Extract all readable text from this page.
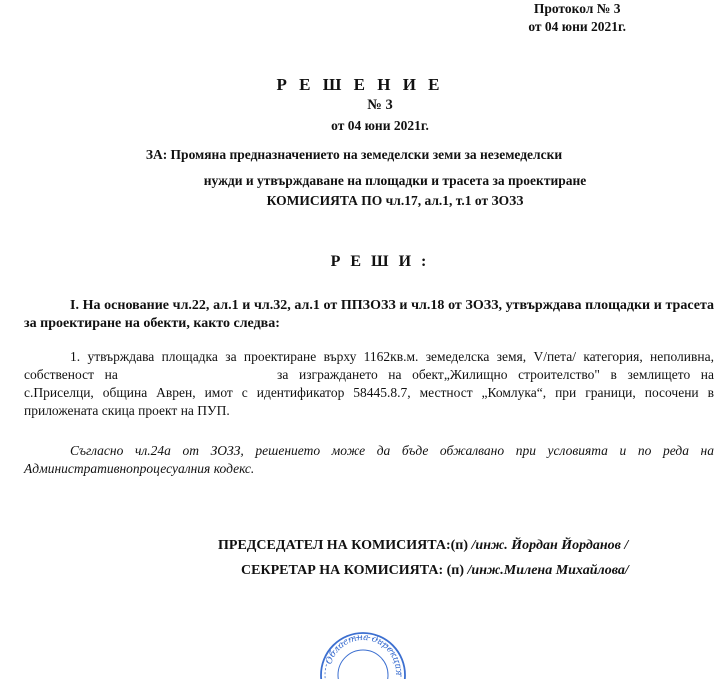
Протокол № 3
от 04 юни 2021г.
Р Е Ш Е Н И Е
№ 3
от 04 юни 2021г.
ЗА: Промяна предназначението на земеделски земи за неземеделски
нужди и утвърждаване на площадки и трасета за проектиране
КОМИСИЯТА ПО чл.17, ал.1, т.1 от ЗОЗЗ
Р Е Ш И :
І. На основание чл.22, ал.1 и чл.32, ал.1 от ППЗОЗЗ и чл.18 от ЗОЗЗ, утвърждава площадки и трасета за проектиране на обекти, както следва:
1. утвърждава площадка за проектиране върху 1162кв.м. земеделска земя, V/пета/ категория, неполивна, собственост на	за изграждането на обект„Жилищно строителство" в землището на с.Приселци, община Аврен, имот с идентификатор 58445.8.7, местност „Комлука“, при граници, посочени в приложената скица проект на ПУП.
Съгласно чл.24а от ЗОЗЗ, решението може да бъде обжалвано при условията и по реда на Административнопроцесуалния кодекс.
ПРЕДСЕДАТЕЛ НА КОМИСИЯТА:(п) /инж. Йордан Йорданов /
СЕКРЕТАР НА КОМИСИЯТА: (п) /инж.Милена Михайлова/
Областна дирекция
